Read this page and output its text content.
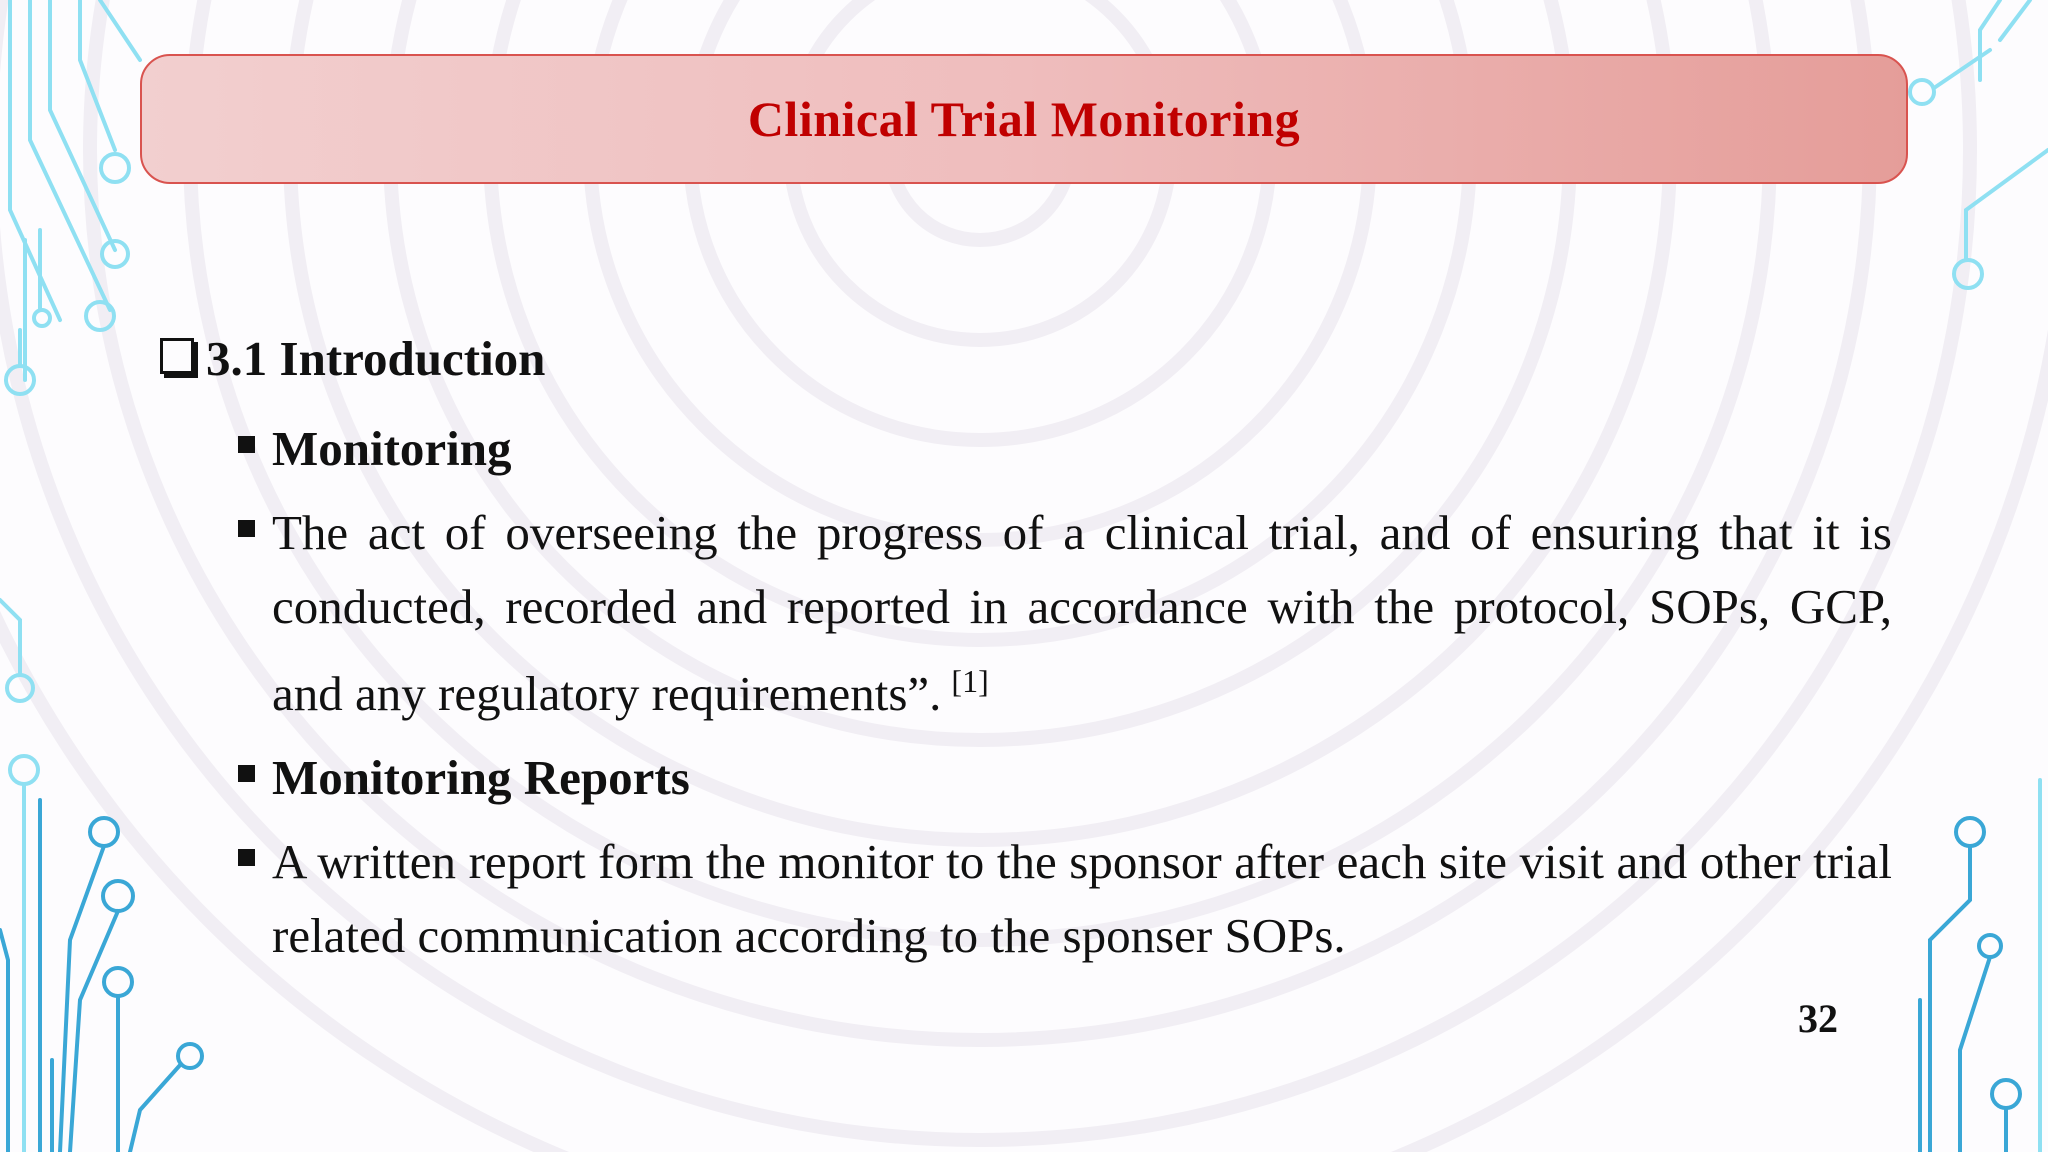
Clinical Trial Monitoring
3.1 Introduction
Monitoring
The act of overseeing the progress of a clinical trial, and of ensuring that it is conducted, recorded and reported in accordance with the protocol, SOPs, GCP, and any regulatory requirements”. [1]
Monitoring Reports
A written report form the monitor to the sponsor after each site visit and other trial related communication according to the sponser SOPs.
32
